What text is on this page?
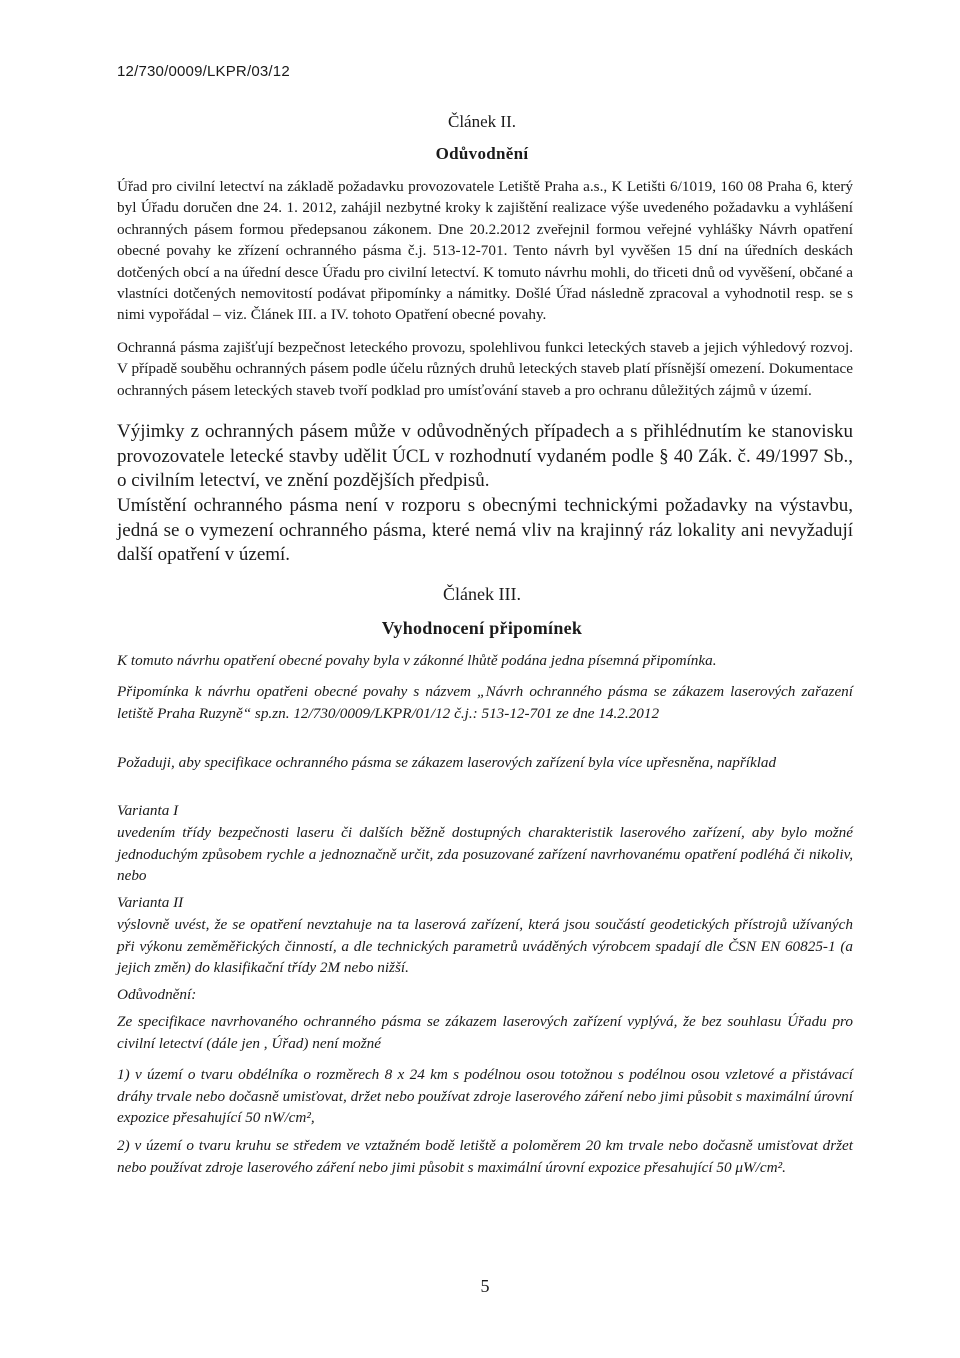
12/730/0009/LKPR/03/12
Článek II.
Odůvodnění

Úřad pro civilní letectví na základě požadavku provozovatele Letiště Praha a.s., K Letišti 6/1019, 160 08 Praha 6, který byl Úřadu doručen dne 24. 1. 2012, zahájil nezbytné kroky k zajištění realizace výše uvedeného požadavku a vyhlášení ochranných pásem formou předepsanou zákonem. Dne 20.2.2012 zveřejnil formou veřejné vyhlášky Návrh opatření obecné povahy ke zřízení ochranného pásma č.j. 513-12-701. Tento návrh byl vyvěšen 15 dní na úředních deskách dotčených obcí a na úřední desce Úřadu pro civilní letectví. K tomuto návrhu mohli, do třiceti dnů od vyvěšení, občané a vlastníci dotčených nemovitostí podávat připomínky a námitky. Došlé Úřad následně zpracoval a vyhodnotil resp. se s nimi vypořádal – viz. Článek III. a IV. tohoto Opatření obecné povahy.

Ochranná pásma zajišťují bezpečnost leteckého provozu, spolehlivou funkci leteckých staveb a jejich výhledový rozvoj. V případě souběhu ochranných pásem podle účelu různých druhů leteckých staveb platí přísnější omezení. Dokumentace ochranných pásem leteckých staveb tvoří podklad pro umísťování staveb a pro ochranu důležitých zájmů v území.

Výjimky z ochranných pásem může v odůvodněných případech a s přihlédnutím ke stanovisku provozovatele letecké stavby udělit ÚCL v rozhodnutí vydaném podle § 40 Zák. č. 49/1997 Sb., o civilním letectví, ve znění pozdějších předpisů.

Umístění ochranného pásma není v rozporu s obecnými technickými požadavky na výstavbu, jedná se o vymezení ochranného pásma, které nemá vliv na krajinný ráz lokality ani nevyžadují další opatření v území.

Článek III.
Vyhodnocení připomínek

K tomuto návrhu opatření obecné povahy byla v zákonné lhůtě podána jedna písemná připomínka.

Připomínka k návrhu opatřeni obecné povahy s názvem „Návrh ochranného pásma se zákazem laserových zařazení letiště Praha Ruzyně“ sp.zn. 12/730/0009/LKPR/01/12 č.j.: 513-12-701 ze dne 14.2.2012

Požaduji, aby specifikace ochranného pásma se zákazem laserových zařízení byla více upřesněna, například

Varianta I

uvedením třídy bezpečnosti laseru či dalších běžně dostupných charakteristik laserového zařízení, aby bylo možné jednoduchým způsobem rychle a jednoznačně určit, zda posuzované zařízení navrhovanému opatření podléhá či nikoliv, nebo

Varianta II

výslovně uvést, že se opatření nevztahuje na ta laserová zařízení, která jsou součástí geodetických přístrojů užívaných při výkonu zeměměřických činností, a dle technických parametrů uváděných výrobcem spadají dle ČSN EN 60825-1 (a jejich změn) do klasifikační třídy 2M nebo nižší.

Odůvodnění:

Ze specifikace navrhovaného ochranného pásma se zákazem laserových zařízení vyplývá, že bez souhlasu Úřadu pro civilní letectví (dále jen , Úřad) není možné

1) v území o tvaru obdélníka o rozměrech 8 x 24 km s podélnou osou totožnou s podélnou osou vzletové a přistávací dráhy trvale nebo dočasně umisťovat, držet nebo používat zdroje laserového záření nebo jimi působit s maximální úrovní expozice přesahující 50 nW/cm²,

2) v území o tvaru kruhu se středem ve vztažném bodě letiště a poloměrem 20 km trvale nebo dočasně umisťovat držet nebo používat zdroje laserového záření nebo jimi působit s maximální úrovní expozice přesahující 50 μW/cm².

5
